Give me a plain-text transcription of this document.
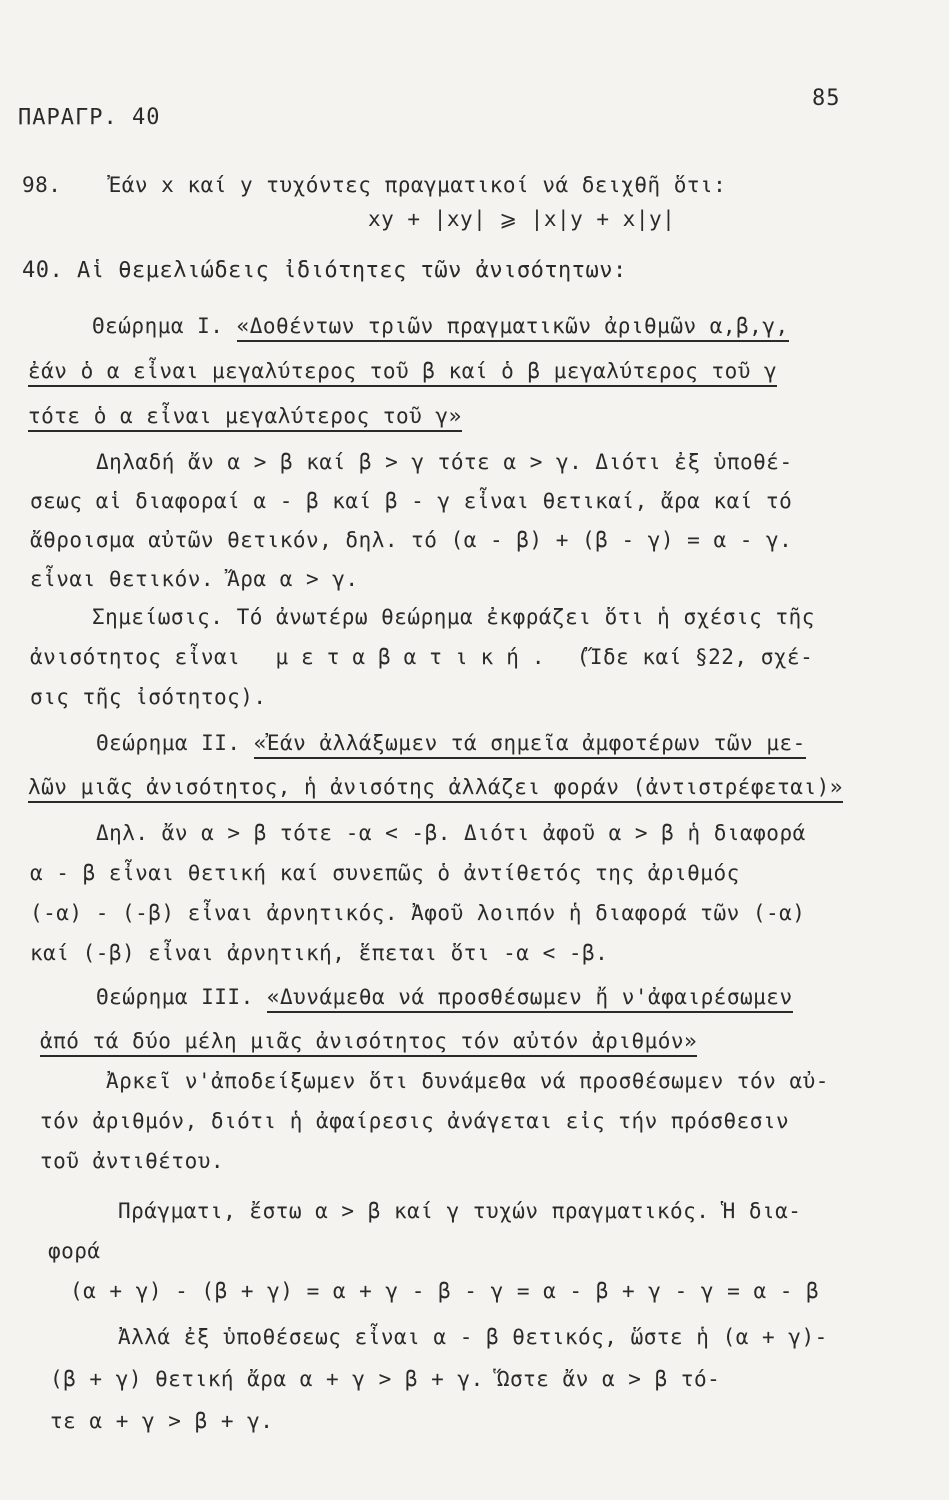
ΠΑΡΑΓΡ. 40
85
98. Ἐάν x καί y τυχόντες πραγματικοί νά δειχθῆ ὅτι:
xy + |xy| ⩾ |x|y + x|y|
40. Αἱ θεμελιώδεις ἰδιότητες τῶν ἀνισότητων:
Θεώρημα I. «Δοθέντων τριῶν πραγματικῶν ἀριθμῶν α,β,γ,
ἐάν ὁ α εἶναι μεγαλύτερος τοῦ β καί ὁ β μεγαλύτερος τοῦ γ
τότε ὁ α εἶναι μεγαλύτερος τοῦ γ»
Δηλαδή ἄν α > β καί β > γ τότε α > γ. Διότι ἐξ ὑποθέ-
σεως αἱ διαφοραί α - β καί β - γ εἶναι θετικαί, ἄρα καί τό
ἄθροισμα αὐτῶν θετικόν, δηλ. τό (α - β) + (β - γ) = α - γ.
εἶναι θετικόν. Ἄρα α > γ.
Σημείωσις. Τό ἀνωτέρω θεώρημα ἐκφράζει ὅτι ἡ σχέσις τῆς
ἀνισότητος εἶναι μεταβατική. (Ἴδε καί §22, σχέ-
σις τῆς ἰσότητος).
Θεώρημα II. «Ἐάν ἀλλάξωμεν τά σημεῖα ἀμφοτέρων τῶν με-
λῶν μιᾶς ἀνισότητος, ἡ ἀνισότης ἀλλάζει φοράν (ἀντιστρέφεται)»
Δηλ. ἄν α > β τότε -α < -β. Διότι ἀφοῦ α > β ἡ διαφορά
α - β εἶναι θετική καί συνεπῶς ὁ ἀντίθετός της ἀριθμός
(-α) - (-β) εἶναι ἀρνητικός. Ἀφοῦ λοιπόν ἡ διαφορά τῶν (-α)
καί (-β) εἶναι ἀρνητική, ἕπεται ὅτι -α < -β.
Θεώρημα III. «Δυνάμεθα νά προσθέσωμεν ἤ ν'ἀφαιρέσωμεν
ἀπό τά δύο μέλη μιᾶς ἀνισότητος τόν αὐτόν ἀριθμόν»
Ἀρκεῖ ν'ἀποδείξωμεν ὅτι δυνάμεθα νά προσθέσωμεν τόν αὐ-
τόν ἀριθμόν, διότι ἡ ἀφαίρεσις ἀνάγεται εἰς τήν πρόσθεσιν
τοῦ ἀντιθέτου.
Πράγματι, ἔστω α > β καί γ τυχών πραγματικός. Ἡ δια-
φορά
(α + γ) - (β + γ) = α + γ - β - γ = α - β + γ - γ = α - β
Ἀλλά ἐξ ὑποθέσεως εἶναι α - β θετικός, ὥστε ἡ (α + γ)-
(β + γ) θετική ἄρα α + γ > β + γ. Ὥστε ἄν α > β τό-
τε α + γ > β + γ.
